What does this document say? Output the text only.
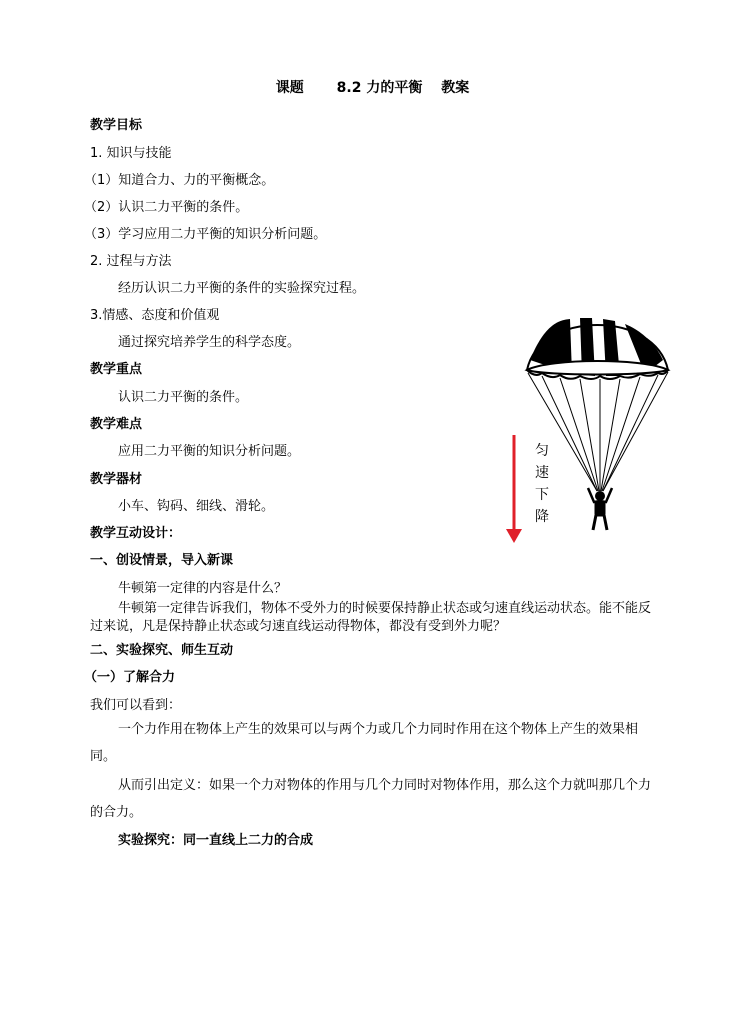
课题 8.2 力的平衡 教案
教学目标
1. 知识与技能
（1）知道合力、力的平衡概念。
（2）认识二力平衡的条件。
（3）学习应用二力平衡的知识分析问题。
2. 过程与方法
经历认识二力平衡的条件的实验探究过程。
3.情感、态度和价值观
通过探究培养学生的科学态度。
教学重点
认识二力平衡的条件。
教学难点
应用二力平衡的知识分析问题。
教学器材
小车、钩码、细线、滑轮。
教学互动设计：
一、创设情景，导入新课
牛顿第一定律的内容是什么？
牛顿第一定律告诉我们，物体不受外力的时候要保持静止状态或匀速直线运动状态。能不能反过来说，凡是保持静止状态或匀速直线运动得物体，都没有受到外力呢？
二、实验探究、师生互动
（一）了解合力
我们可以看到：
一个力作用在物体上产生的效果可以与两个力或几个力同时作用在这个物体上产生的效果相同。
从而引出定义：如果一个力对物体的作用与几个力同时对物体作用，那么这个力就叫那几个力的合力。
实验探究：同一直线上二力的合成
匀速下降
